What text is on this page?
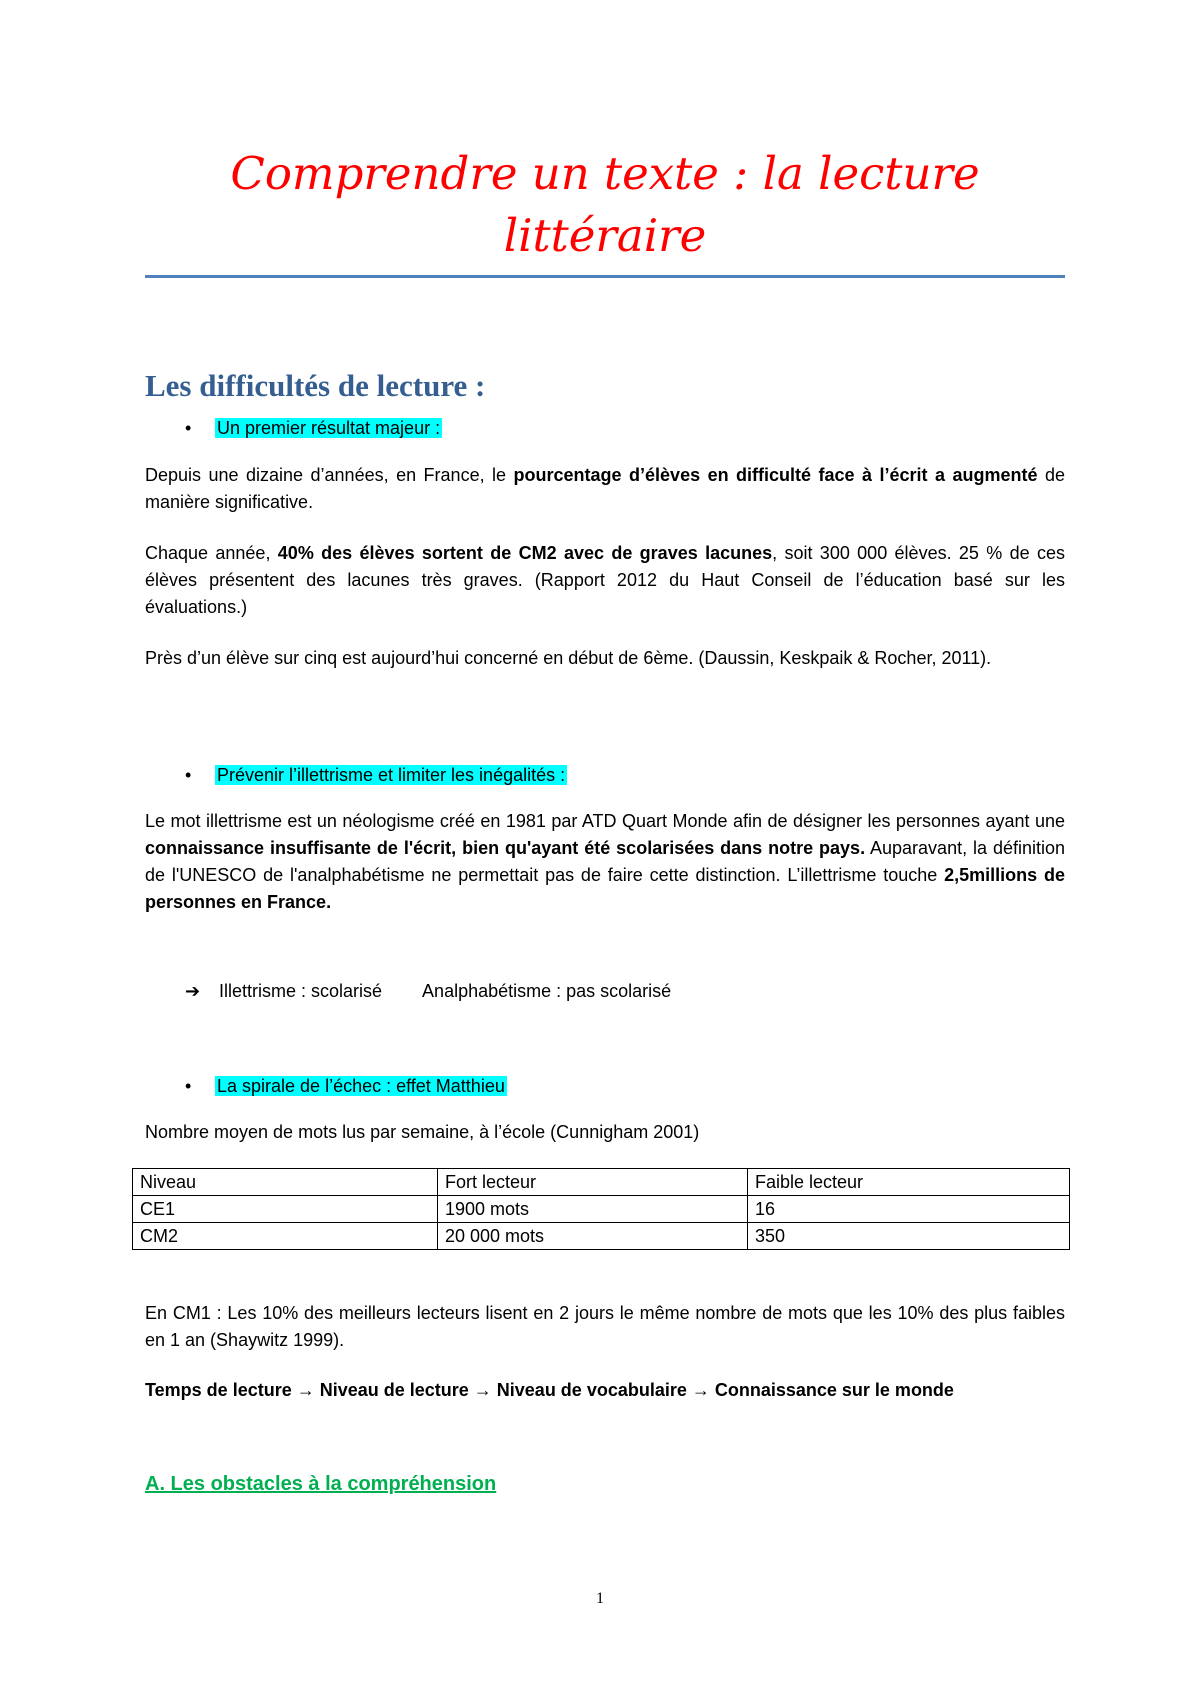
Comprendre un texte : la lecture littéraire
Les difficultés de lecture :
• Un premier résultat majeur :

Depuis une dizaine d’années, en France, le pourcentage d’élèves en difficulté face à l’écrit a augmenté de manière significative.

Chaque année, 40% des élèves sortent de CM2 avec de graves lacunes, soit 300 000 élèves. 25 % de ces élèves présentent des lacunes très graves. (Rapport 2012 du Haut Conseil de l’éducation basé sur les évaluations.)

Près d’un élève sur cinq est aujourd’hui concerné en début de 6ème. (Daussin, Keskpaik & Rocher, 2011).

• Prévenir l’illettrisme et limiter les inégalités :

Le mot illettrisme est un néologisme créé en 1981 par ATD Quart Monde afin de désigner les personnes ayant une connaissance insuffisante de l'écrit, bien qu'ayant été scolarisées dans notre pays. Auparavant, la définition de l'UNESCO de l'analphabétisme ne permettait pas de faire cette distinction. L’illettrisme touche 2,5millions de personnes en France.

➔ Illettrisme : scolarisé Analphabétisme : pas scolarisé
• La spirale de l’échec : effet Matthieu

Nombre moyen de mots lus par semaine, à l’école (Cunnigham 2001)

Niveau	Fort lecteur	Faible lecteur
CE1	1900 mots	16
CM2	20 000 mots	350

En CM1 : Les 10% des meilleurs lecteurs lisent en 2 jours le même nombre de mots que les 10% des plus faibles en 1 an (Shaywitz 1999).

Temps de lecture → Niveau de lecture → Niveau de vocabulaire → Connaissance sur le monde

A. Les obstacles à la compréhension

1
